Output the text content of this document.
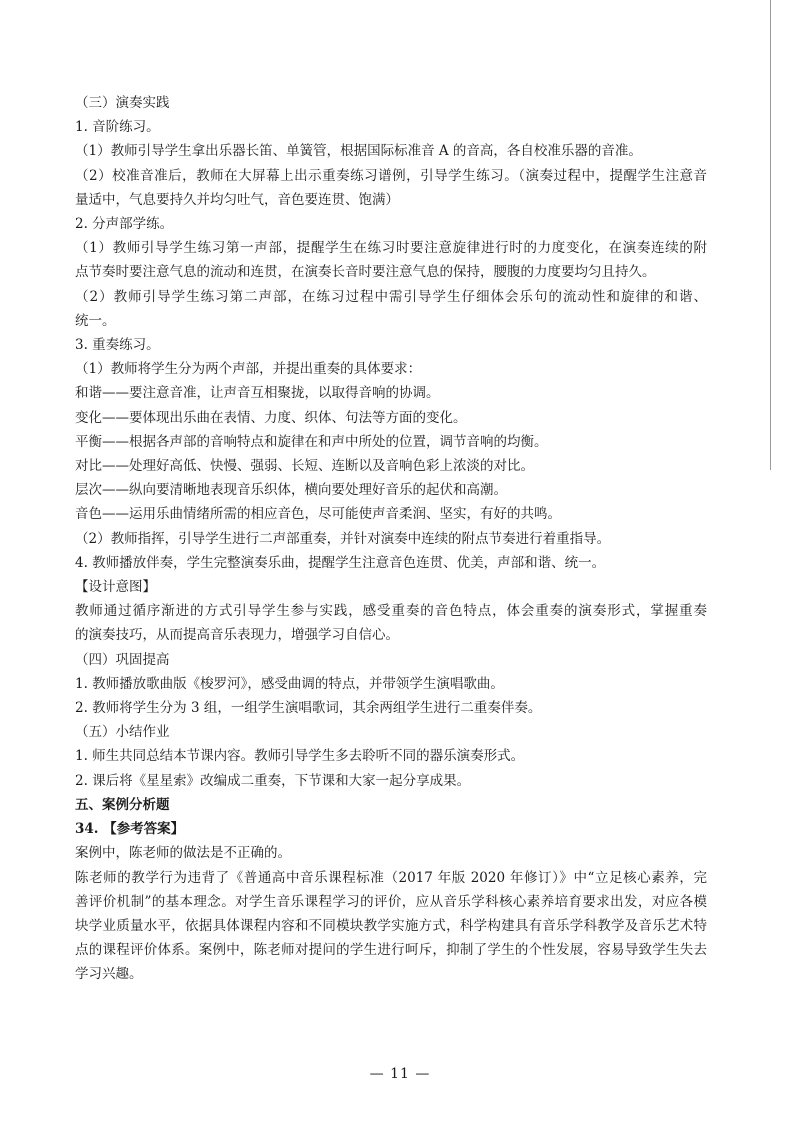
（三）演奏实践
1. 音阶练习。
（1）教师引导学生拿出乐器长笛、单簧管，根据国际标准音 A 的音高，各自校准乐器的音准。
（2）校准音准后，教师在大屏幕上出示重奏练习谱例，引导学生练习。（演奏过程中，提醒学生注意音
量适中，气息要持久并均匀吐气，音色要连贯、饱满）
2. 分声部学练。
（1）教师引导学生练习第一声部，提醒学生在练习时要注意旋律进行时的力度变化，在演奏连续的附
点节奏时要注意气息的流动和连贯，在演奏长音时要注意气息的保持，腰腹的力度要均匀且持久。
（2）教师引导学生练习第二声部，在练习过程中需引导学生仔细体会乐句的流动性和旋律的和谐、
统一。
3. 重奏练习。
（1）教师将学生分为两个声部，并提出重奏的具体要求：
和谐——要注意音准，让声音互相聚拢，以取得音响的协调。
变化——要体现出乐曲在表情、力度、织体、句法等方面的变化。
平衡——根据各声部的音响特点和旋律在和声中所处的位置，调节音响的均衡。
对比——处理好高低、快慢、强弱、长短、连断以及音响色彩上浓淡的对比。
层次——纵向要清晰地表现音乐织体，横向要处理好音乐的起伏和高潮。
音色——运用乐曲情绪所需的相应音色，尽可能使声音柔润、坚实，有好的共鸣。
（2）教师指挥，引导学生进行二声部重奏，并针对演奏中连续的附点节奏进行着重指导。
4. 教师播放伴奏，学生完整演奏乐曲，提醒学生注意音色连贯、优美，声部和谐、统一。
【设计意图】
教师通过循序渐进的方式引导学生参与实践，感受重奏的音色特点，体会重奏的演奏形式，掌握重奏
的演奏技巧，从而提高音乐表现力，增强学习自信心。
（四）巩固提高
1. 教师播放歌曲版《梭罗河》，感受曲调的特点，并带领学生演唱歌曲。
2. 教师将学生分为 3 组，一组学生演唱歌词，其余两组学生进行二重奏伴奏。
（五）小结作业
1. 师生共同总结本节课内容。教师引导学生多去聆听不同的器乐演奏形式。
2. 课后将《星星索》改编成二重奏，下节课和大家一起分享成果。
五、案例分析题
34. 【参考答案】
案例中，陈老师的做法是不正确的。
陈老师的教学行为违背了《普通高中音乐课程标准（2017 年版 2020 年修订）》中“立足核心素养，完
善评价机制”的基本理念。对学生音乐课程学习的评价，应从音乐学科核心素养培育要求出发，对应各模
块学业质量水平，依据具体课程内容和不同模块教学实施方式，科学构建具有音乐学科教学及音乐艺术特
点的课程评价体系。案例中，陈老师对提问的学生进行呵斥，抑制了学生的个性发展，容易导致学生失去
学习兴趣。
— 11 —
